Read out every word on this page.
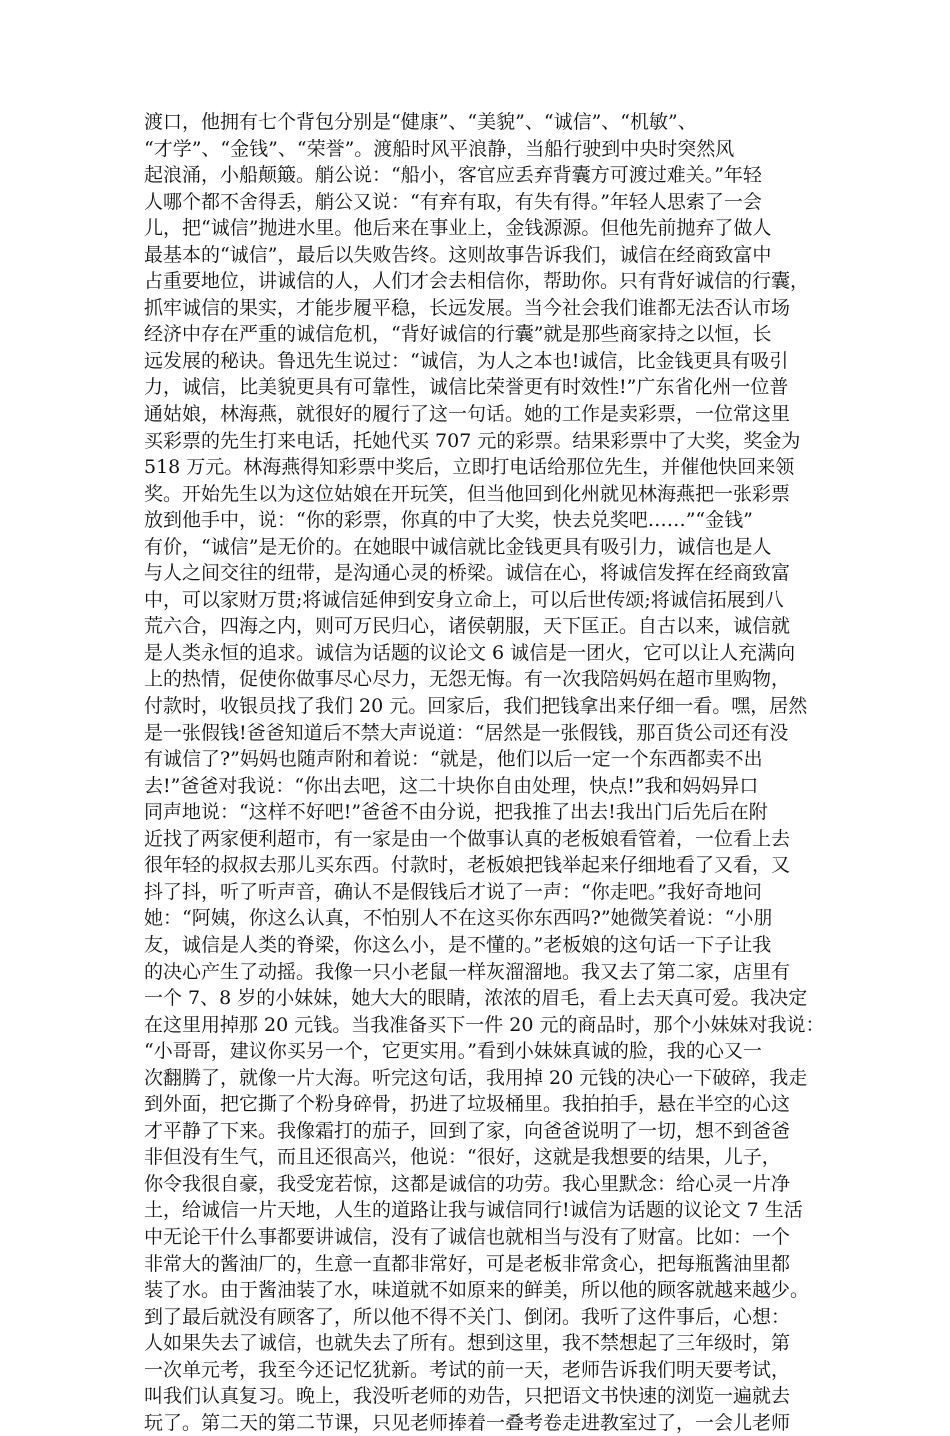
渡口，他拥有七个背包分别是“健康”、“美貌”、“诚信”、“机敏”、
“才学”、“金钱”、“荣誉”。渡船时风平浪静，当船行驶到中央时突然风
起浪涌，小船颠簸。艄公说：“船小，客官应丢弃背囊方可渡过难关。”年轻
人哪个都不舍得丢，艄公又说：“有弃有取，有失有得。”年轻人思索了一会
儿，把“诚信”抛进水里。他后来在事业上，金钱源源。但他先前抛弃了做人
最基本的“诚信”，最后以失败告终。这则故事告诉我们，诚信在经商致富中
占重要地位，讲诚信的人，人们才会去相信你，帮助你。只有背好诚信的行囊，
抓牢诚信的果实，才能步履平稳，长远发展。当今社会我们谁都无法否认市场
经济中存在严重的诚信危机，“背好诚信的行囊”就是那些商家持之以恒，长
远发展的秘诀。鲁迅先生说过：“诚信，为人之本也!诚信，比金钱更具有吸引
力，诚信，比美貌更具有可靠性，诚信比荣誉更有时效性!”广东省化州一位普
通姑娘，林海燕，就很好的履行了这一句话。她的工作是卖彩票，一位常这里
买彩票的先生打来电话，托她代买 707 元的彩票。结果彩票中了大奖，奖金为
518 万元。林海燕得知彩票中奖后，立即打电话给那位先生，并催他快回来领
奖。开始先生以为这位姑娘在开玩笑，但当他回到化州就见林海燕把一张彩票
放到他手中，说：“你的彩票，你真的中了大奖，快去兑奖吧……”“金钱”
有价，“诚信”是无价的。在她眼中诚信就比金钱更具有吸引力，诚信也是人
与人之间交往的纽带，是沟通心灵的桥梁。诚信在心，将诚信发挥在经商致富
中，可以家财万贯;将诚信延伸到安身立命上，可以后世传颂;将诚信拓展到八
荒六合，四海之内，则可万民归心，诸侯朝服，天下匡正。自古以来，诚信就
是人类永恒的追求。诚信为话题的议论文 6 诚信是一团火，它可以让人充满向
上的热情，促使你做事尽心尽力，无怨无悔。有一次我陪妈妈在超市里购物，
付款时，收银员找了我们 20 元。回家后，我们把钱拿出来仔细一看。嘿，居然
是一张假钱!爸爸知道后不禁大声说道：“居然是一张假钱，那百货公司还有没
有诚信了?”妈妈也随声附和着说：“就是，他们以后一定一个东西都卖不出
去!”爸爸对我说：“你出去吧，这二十块你自由处理，快点!”我和妈妈异口
同声地说：“这样不好吧!”爸爸不由分说，把我推了出去!我出门后先后在附
近找了两家便利超市，有一家是由一个做事认真的老板娘看管着，一位看上去
很年轻的叔叔去那儿买东西。付款时，老板娘把钱举起来仔细地看了又看，又
抖了抖，听了听声音，确认不是假钱后才说了一声：“你走吧。”我好奇地问
她：“阿姨，你这么认真，不怕别人不在这买你东西吗?”她微笑着说：“小朋
友，诚信是人类的脊梁，你这么小，是不懂的。”老板娘的这句话一下子让我
的决心产生了动摇。我像一只小老鼠一样灰溜溜地。我又去了第二家，店里有
一个 7、8 岁的小妹妹，她大大的眼睛，浓浓的眉毛，看上去天真可爱。我决定
在这里用掉那 20 元钱。当我准备买下一件 20 元的商品时，那个小妹妹对我说：
“小哥哥，建议你买另一个，它更实用。”看到小妹妹真诚的脸，我的心又一
次翻腾了，就像一片大海。听完这句话，我用掉 20 元钱的决心一下破碎，我走
到外面，把它撕了个粉身碎骨，扔进了垃圾桶里。我拍拍手，悬在半空的心这
才平静了下来。我像霜打的茄子，回到了家，向爸爸说明了一切，想不到爸爸
非但没有生气，而且还很高兴，他说：“很好，这就是我想要的结果，儿子，
你令我很自豪，我受宠若惊，这都是诚信的功劳。我心里默念：给心灵一片净
土，给诚信一片天地，人生的道路让我与诚信同行!诚信为话题的议论文 7 生活
中无论干什么事都要讲诚信，没有了诚信也就相当与没有了财富。比如：一个
非常大的酱油厂的，生意一直都非常好，可是老板非常贪心，把每瓶酱油里都
装了水。由于酱油装了水，味道就不如原来的鲜美，所以他的顾客就越来越少。
到了最后就没有顾客了，所以他不得不关门、倒闭。我听了这件事后，心想：
人如果失去了诚信，也就失去了所有。想到这里，我不禁想起了三年级时，第
一次单元考，我至今还记忆犹新。考试的前一天，老师告诉我们明天要考试，
叫我们认真复习。晚上，我没听老师的劝告，只把语文书快速的浏览一遍就去
玩了。第二天的第二节课，只见老师捧着一叠考卷走进教室过了，一会儿老师
